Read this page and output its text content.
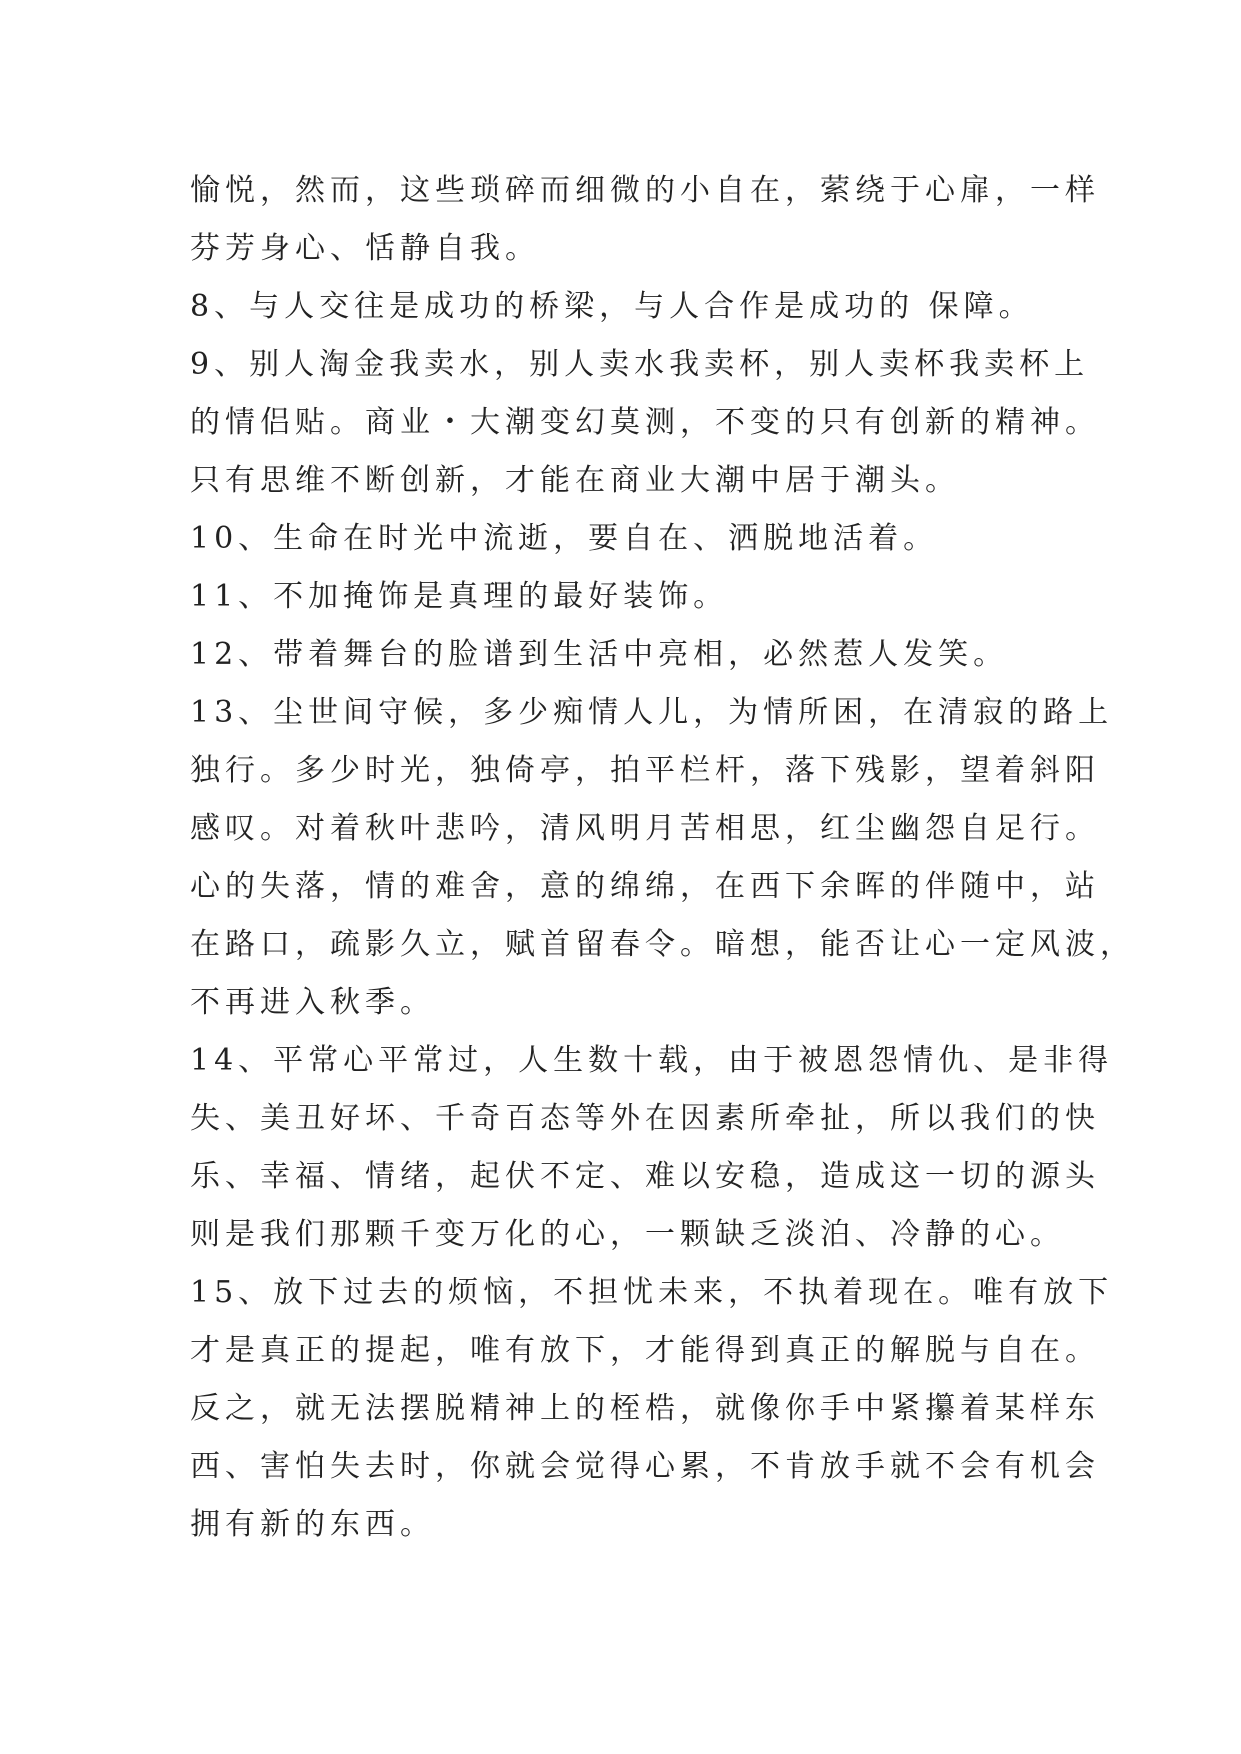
愉悦，然而，这些琐碎而细微的小自在，萦绕于心扉，一样
芬芳身心、恬静自我。
8、与人交往是成功的桥梁，与人合作是成功的 保障。
9、别人淘金我卖水，别人卖水我卖杯，别人卖杯我卖杯上
的情侣贴。商业・大潮变幻莫测，不变的只有创新的精神。
只有思维不断创新，才能在商业大潮中居于潮头。
10、生命在时光中流逝，要自在、洒脱地活着。
11、不加掩饰是真理的最好装饰。
12、带着舞台的脸谱到生活中亮相，必然惹人发笑。
13、尘世间守候，多少痴情人儿，为情所困，在清寂的路上
独行。多少时光，独倚亭，拍平栏杆，落下残影，望着斜阳
感叹。对着秋叶悲吟，清风明月苦相思，红尘幽怨自足行。
心的失落，情的难舍，意的绵绵，在西下余晖的伴随中，站
在路口，疏影久立，赋首留春令。暗想，能否让心一定风波，
不再进入秋季。
14、平常心平常过，人生数十载，由于被恩怨情仇、是非得
失、美丑好坏、千奇百态等外在因素所牵扯，所以我们的快
乐、幸福、情绪，起伏不定、难以安稳，造成这一切的源头
则是我们那颗千变万化的心，一颗缺乏淡泊、冷静的心。
15、放下过去的烦恼，不担忧未来，不执着现在。唯有放下
才是真正的提起，唯有放下，才能得到真正的解脱与自在。
反之，就无法摆脱精神上的桎梏，就像你手中紧攥着某样东
西、害怕失去时，你就会觉得心累，不肯放手就不会有机会
拥有新的东西。
